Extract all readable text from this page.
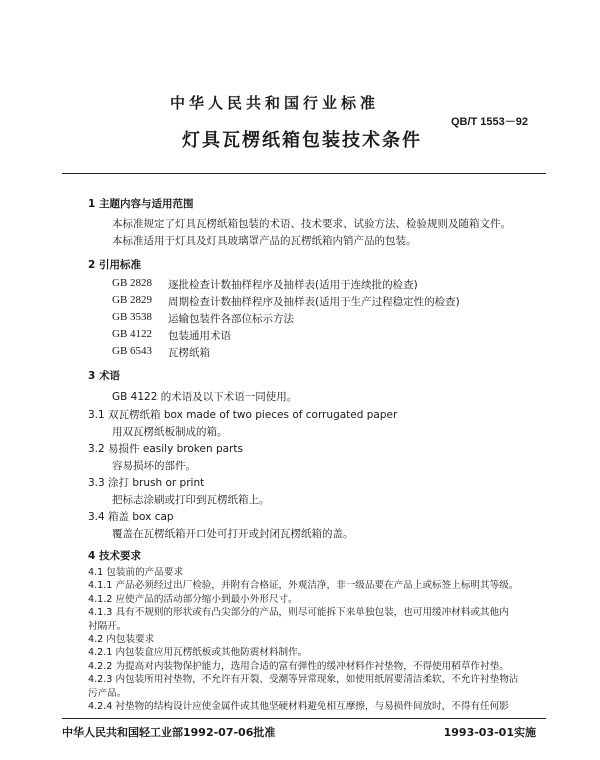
中华人民共和国行业标准
QB/T 1553－92
灯具瓦楞纸箱包装技术条件
1 主题内容与适用范围
本标准规定了灯具瓦楞纸箱包装的术语、技术要求、试验方法、检验规则及随箱文件。
本标准适用于灯具及灯具玻璃罩产品的瓦楞纸箱内销产品的包装。
2 引用标准
GB 2828 逐批检查计数抽样程序及抽样表(适用于连续批的检查)
GB 2829 周期检查计数抽样程序及抽样表(适用于生产过程稳定性的检查)
GB 3538 运输包装件各部位标示方法
GB 4122 包装通用术语
GB 6543 瓦楞纸箱
3 术语
GB 4122 的术语及以下术语一同使用。
3.1 双瓦楞纸箱 box made of two pieces of corrugated paper
用双瓦楞纸板制成的箱。
3.2 易损件 easily broken parts
容易损坏的部件。
3.3 涂打 brush or print
把标志涂刷或打印到瓦楞纸箱上。
3.4 箱盖 box cap
覆盖在瓦楞纸箱开口处可打开或封闭瓦楞纸箱的盖。
4 技术要求
4.1 包装前的产品要求
4.1.1 产品必须经过出厂检验，并附有合格证，外观洁净，非一级品要在产品上或标签上标明其等级。
4.1.2 应使产品的活动部分缩小到最小外形尺寸。
4.1.3 具有不规则的形状或有凸尖部分的产品，则尽可能拆下来单独包装，也可用缓冲材料或其他内
衬隔开。
4.2 内包装要求
4.2.1 内包装盒应用瓦楞纸板或其他防震材料制作。
4.2.2 为提高对内装物保护能力，选用合适的富有弹性的缓冲材料作衬垫物，不得使用稻草作衬垫。
中华人民共和国轻工业部1992-07-06批准	1993-03-01实施
4.2.3 内包装所用衬垫物，不允许有开裂、受潮等异常现象，如使用纸屑要清洁柔软，不允许衬垫物沾
污产品。
4.2.4 衬垫物的结构设计应使金属件或其他坚硬材料避免相互摩擦，与易损件间放时，不得有任何影
